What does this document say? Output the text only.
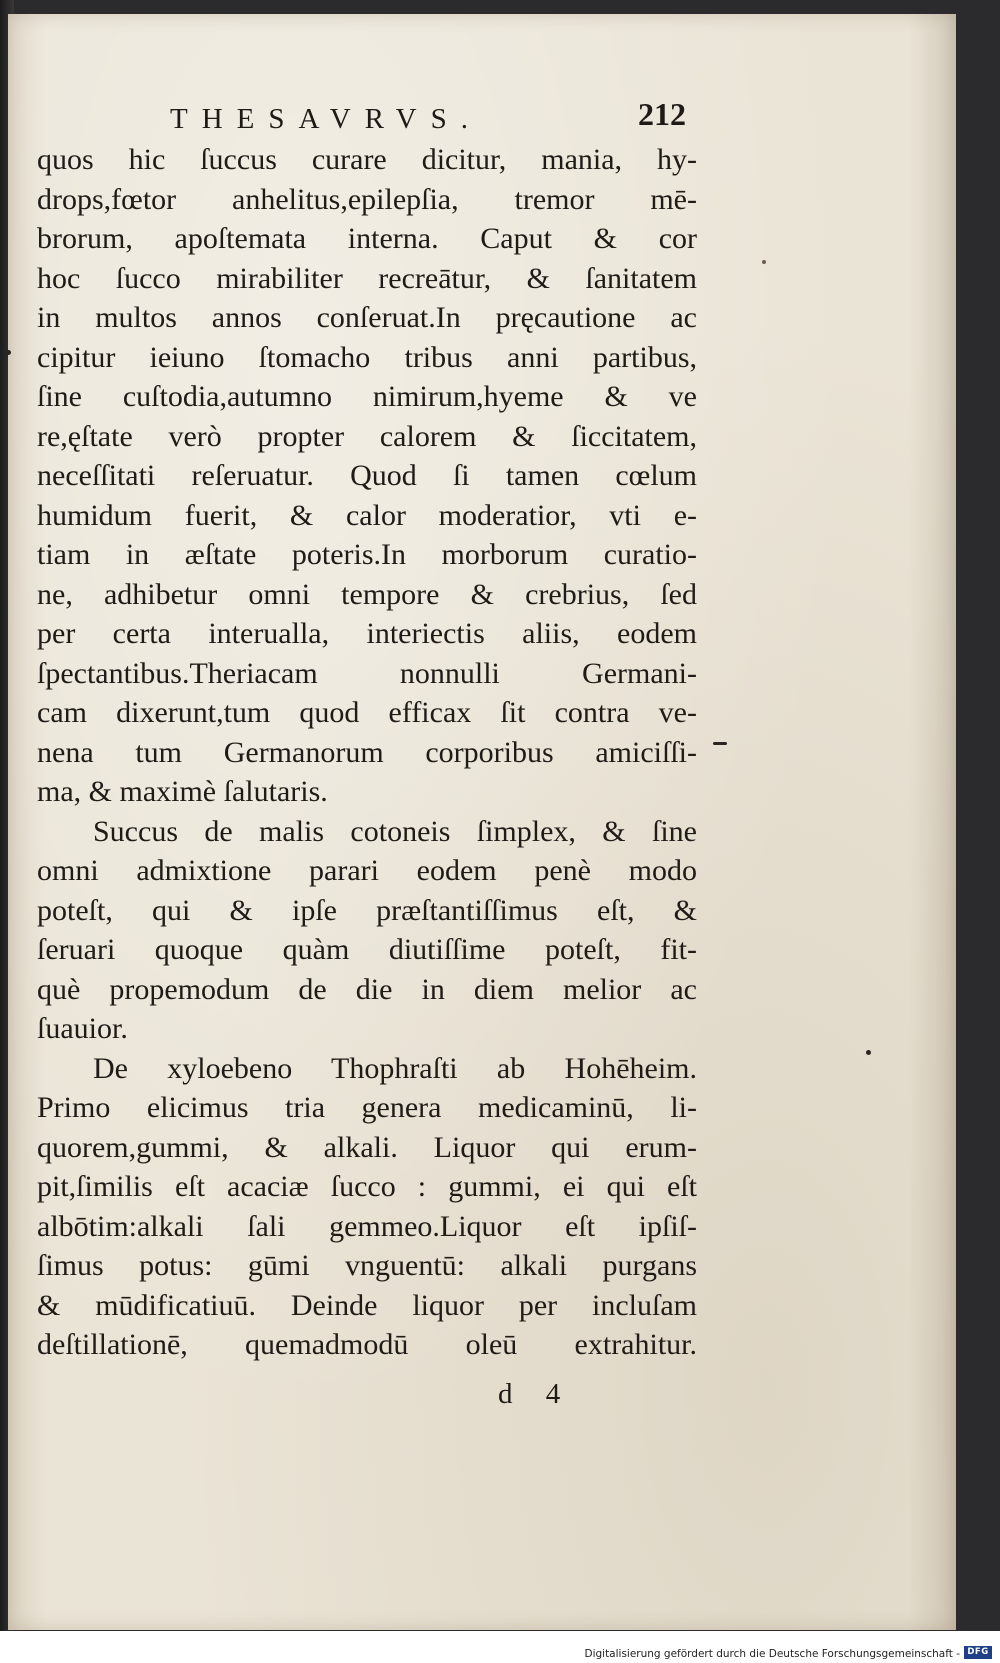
THESAVRVS.	212
quos hic ſuccus curare dicitur, mania, hy-
drops,fœtor anhelitus,epilepſia, tremor mē-
brorum, apoſtemata interna. Caput & cor
hoc ſucco mirabiliter recreātur, & ſanitatem
in multos annos conſeruat.In pręcautione ac
cipitur ieiuno ſtomacho tribus anni partibus,
ſine cuſtodia,autumno nimirum,hyeme & ve
re,ęſtate verò propter calorem & ſiccitatem,
neceſſitati reſeruatur. Quod ſi tamen cœlum
humidum fuerit, & calor moderatior, vti e-
tiam in æſtate poteris.In morborum curatio-
ne, adhibetur omni tempore & crebrius, ſed
per certa interualla, interiectis aliis, eodem
ſpectantibus.Theriacam nonnulli Germani-
cam dixerunt,tum quod efficax ſit contra ve-
nena tum Germanorum corporibus amiciſſi-
ma, & maximè ſalutaris.
Succus de malis cotoneis ſimplex, & ſine
omni admixtione parari eodem penè modo
poteſt, qui & ipſe præſtantiſſimus eſt, &
ſeruari quoque quàm diutiſſime poteſt, fit-
què propemodum de die in diem melior ac
ſuauior.
De xyloebeno Thophraſti ab Hohēheim.
Primo elicimus tria genera medicaminū, li-
quorem,gummi, & alkali. Liquor qui erum-
pit,ſimilis eſt acaciæ ſucco : gummi, ei qui eſt
albōtim:alkali ſali gemmeo.Liquor eſt ipſiſ-
ſimus potus: gūmi vnguentū: alkali purgans
& mūdificatiuū. Deinde liquor per incluſam
deſtillationē, quemadmodū oleū extrahitur.
d 4
Digitalisierung gefördert durch die Deutsche Forschungsgemeinschaft - DFG
